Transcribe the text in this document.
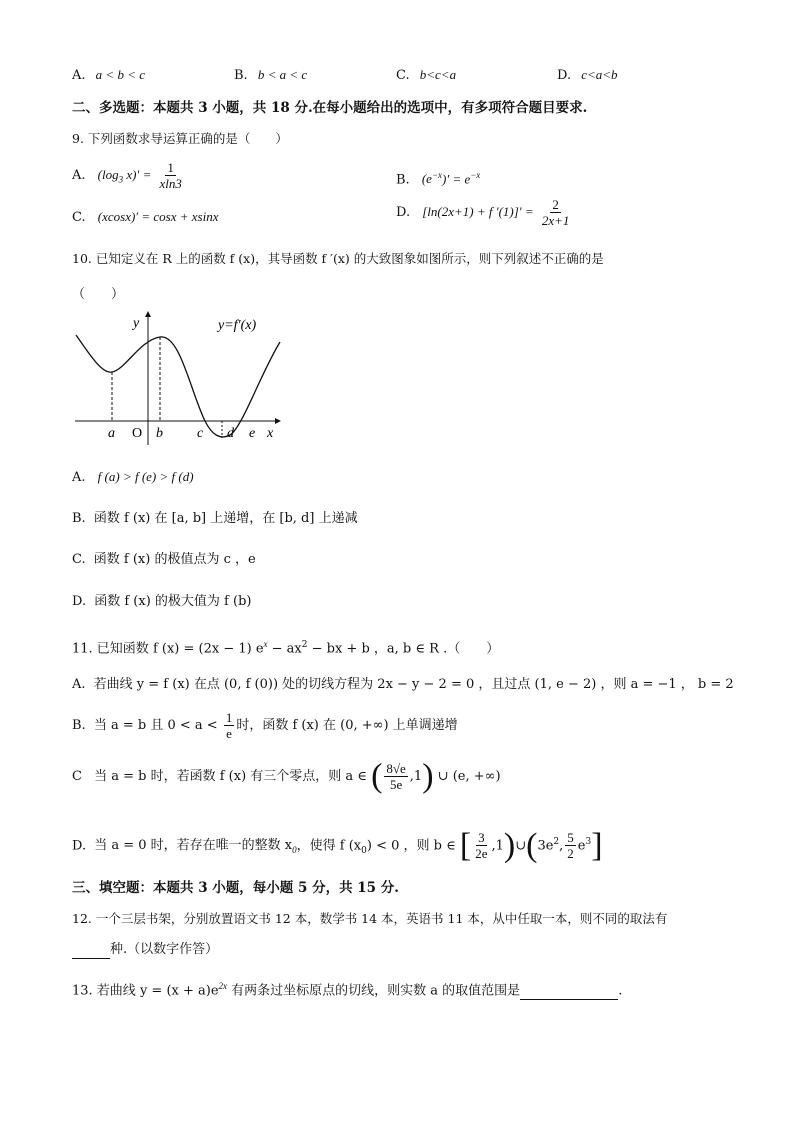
A. a < b < c	B. b < a < c	C. b<c<a	D. c<a<b
二、多选题：本题共 3 小题，共 18 分.在每小题给出的选项中，有多项符合题目要求.
9. 下列函数求导运算正确的是（　　）
A. ($\log_3$ $x)' = \frac{1}{xln3}$	B. $(e^{-x})' = e^{-x}$
C. (xcosx)′ = cosx + xsinx	D. [ln(2x+1) + f $'(1)]' = \frac{2}{2x+1}$
10. 已知定义在 R 上的函数 f (x)，其导函数 f ′(x) 的大致图象如图所示，则下列叙述不正确的是
（　　）
y	y=f′(x)
a O b c d e x
A. f (a) > f (e) > f (d)
B. 函数 f (x) 在 [a, b] 上递增，在 [b, d] 上递减
C. 函数 f (x) 的极值点为 c ，e
D. 函数 f (x) 的极大值为 f (b)
11. 已知函数 f (x) = (2x − 1) $e^x - ax^2$ − bx + b ，a, b ∈ R .（　　）
A. 若曲线 y = f (x) 在点 (0, f (0)) 处的切线方程为 2x − y − 2 = 0 ，且过点 (1, e − 2) ，则 a = −1 ， b = 2
B. 当 a = b 且 $0 < a < \frac{1}{e}$ 时，函数 f (x) 在 (0, +∞) 上单调递增
C 当 a = b 时，若函数 f (x) 有三个零点，则 a ∈ ( $\frac{8√e}{5e} ,1$) ∪ (e, +∞)
D. 当 a = 0 时，若存在唯一的整数 $x_0$，使得 f $(x_0) < 0$ ，则 b ∈ [ $\frac{3}{2e}$ $,1)\cup(3e^2$, $\frac{5}{2} e^3$]
三、填空题：本题共 3 小题，每小题 5 分，共 15 分.
12. 一个三层书架，分别放置语文书 12 本，数学书 14 本，英语书 11 本，从中任取一本，则不同的取法有
种.（以数字作答）
13. 若曲线 $y = (x + a)e^{2x}$ 有两条过坐标原点的切线，则实数 a 的取值范围是	.
